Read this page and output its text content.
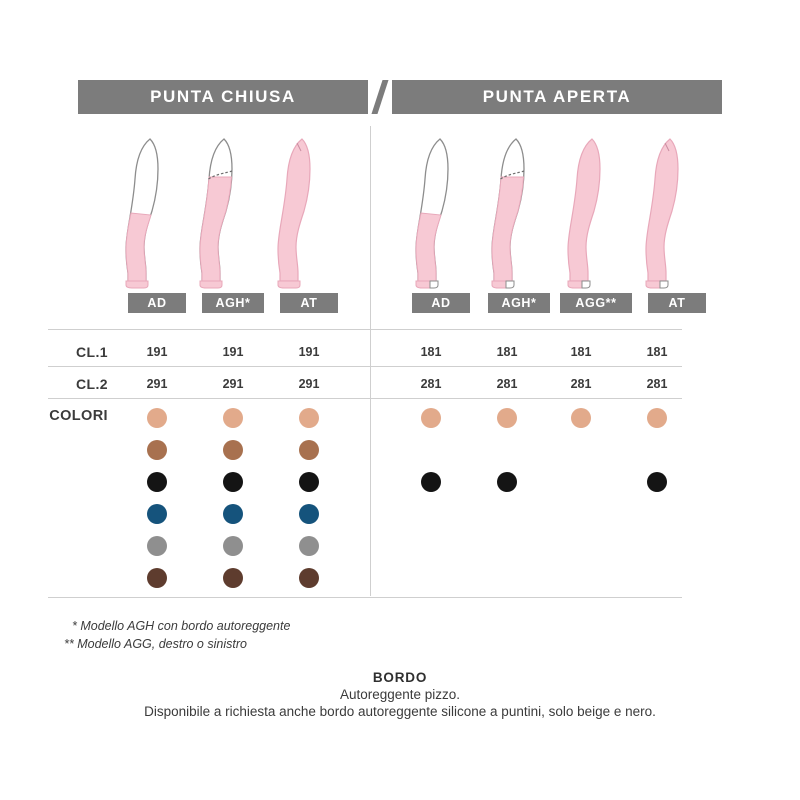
PUNTA CHIUSA	PUNTA APERTA
AD	AGH*	AT	AD	AGH*	AGG**	AT
CL.1	191	191	191	181	181	181	181
CL.2	291	291	291	281	281	281	281
COLORI
* Modello AGH con bordo autoreggente
** Modello AGG, destro o sinistro
BORDO
Autoreggente pizzo.
Disponibile a richiesta anche bordo autoreggente silicone a puntini, solo beige e nero.
